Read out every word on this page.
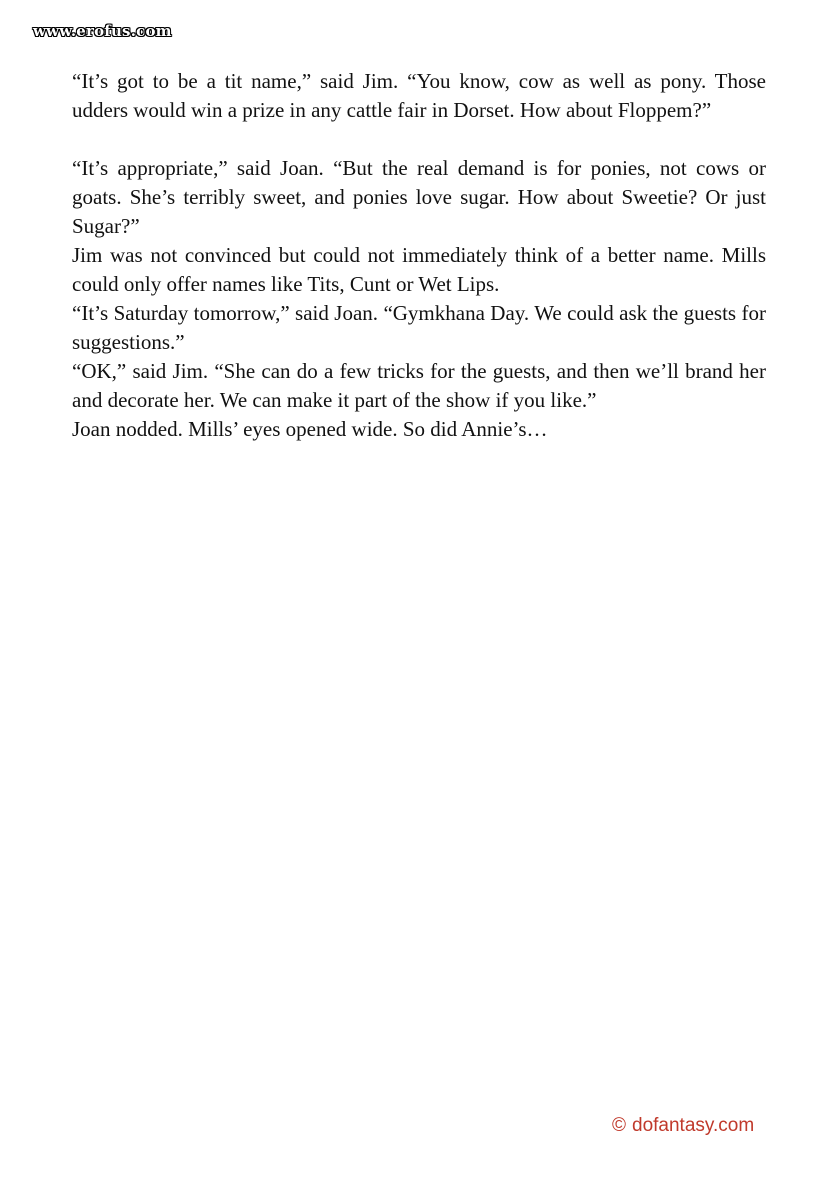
www.erofus.com

“It’s got to be a tit name,” said Jim. “You know, cow as well as pony. Those udders would win a prize in any cattle fair in Dorset. How about Floppem?”

“It’s appropriate,” said Joan. “But the real demand is for ponies, not cows or goats. She’s terribly sweet, and ponies love sugar. How about Sweetie? Or just Sugar?”

Jim was not convinced but could not immediately think of a better name. Mills could only offer names like Tits, Cunt or Wet Lips.

“It’s Saturday tomorrow,” said Joan. “Gymkhana Day. We could ask the guests for suggestions.”

“OK,” said Jim. “She can do a few tricks for the guests, and then we’ll brand her and decorate her. We can make it part of the show if you like.”

Joan nodded. Mills’ eyes opened wide. So did Annie’s…

© dofantasy.com
